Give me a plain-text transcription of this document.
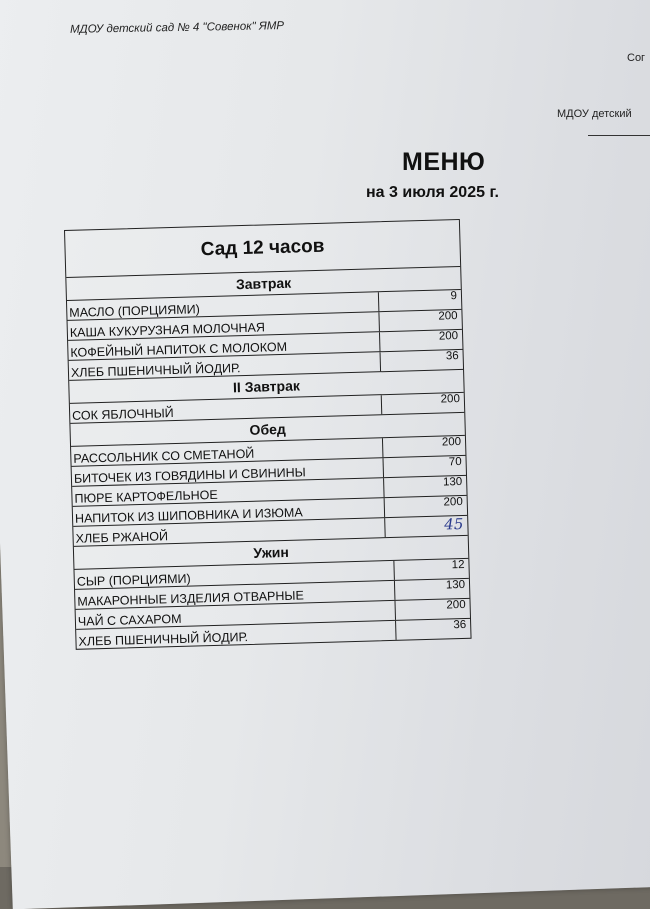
МДОУ детский сад № 4 "Совенок" ЯМР
Сог
МДОУ детский
МЕНЮ
на 3 июля 2025 г.
Сад 12 часов
Завтрак
МАСЛО (ПОРЦИЯМИ)
9
КАША КУКУРУЗНАЯ МОЛОЧНАЯ
200
КОФЕЙНЫЙ НАПИТОК С МОЛОКОМ
200
ХЛЕБ ПШЕНИЧНЫЙ ЙОДИР.
36
II Завтрак
СОК ЯБЛОЧНЫЙ
200
Обед
РАССОЛЬНИК СО СМЕТАНОЙ
200
БИТОЧЕК ИЗ ГОВЯДИНЫ И СВИНИНЫ
70
ПЮРЕ КАРТОФЕЛЬНОЕ
130
НАПИТОК ИЗ ШИПОВНИКА И ИЗЮМА
200
ХЛЕБ РЖАНОЙ
45
Ужин
СЫР (ПОРЦИЯМИ)
12
МАКАРОННЫЕ ИЗДЕЛИЯ ОТВАРНЫЕ
130
ЧАЙ С САХАРОМ
200
ХЛЕБ ПШЕНИЧНЫЙ ЙОДИР.
36
